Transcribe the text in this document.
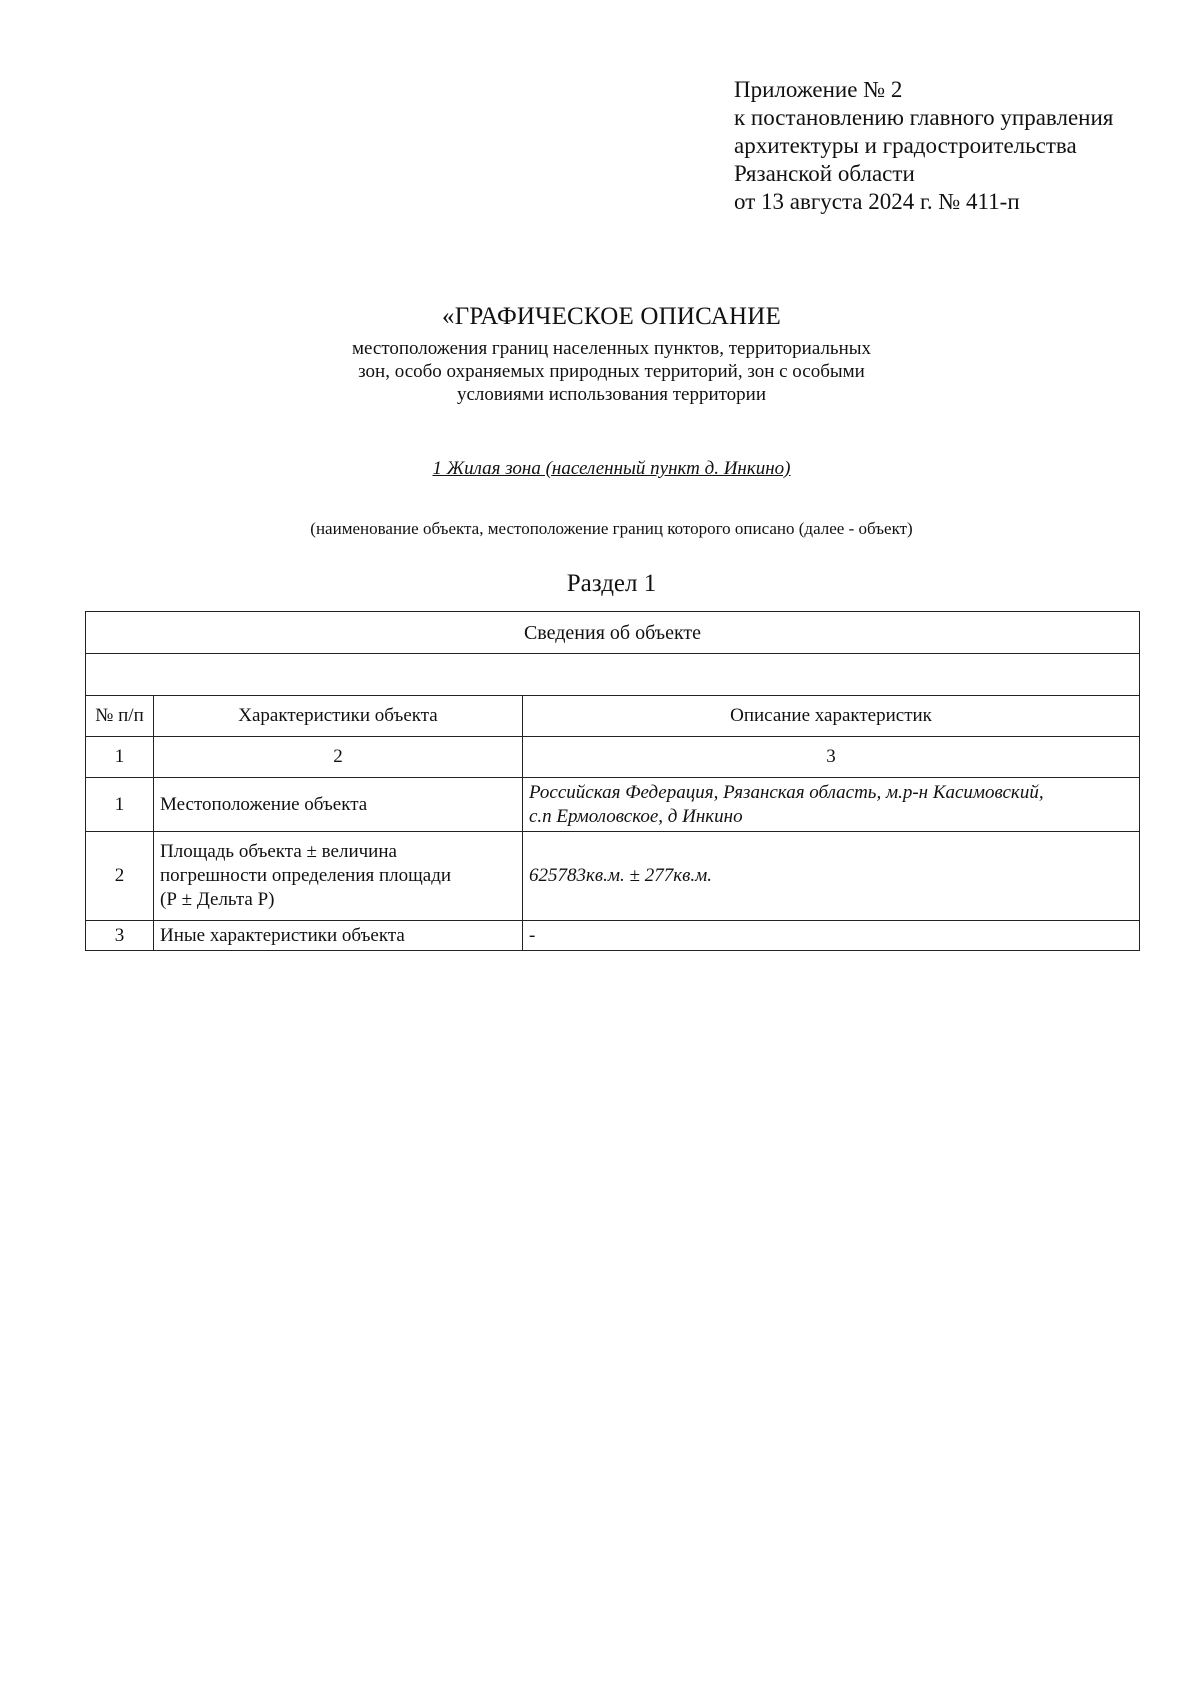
Приложение № 2
к постановлению главного управления
архитектуры и градостроительства
Рязанской области
от 13 августа 2024 г. № 411-п
«ГРАФИЧЕСКОЕ ОПИСАНИЕ
местоположения границ населенных пунктов, территориальных
зон, особо охраняемых природных территорий, зон с особыми
условиями использования территории
1 Жилая зона (населенный пункт д. Инкино)
(наименование объекта, местоположение границ которого описано (далее - объект)
Раздел 1
Сведения об объекте		

№ п/п	Характеристики объекта	Описание характеристик
1	2	3
1	Местоположение объекта	Российская Федерация, Рязанская область, м.р-н Касимовский,
с.п Ермоловское, д Инкино

2	Площадь объекта ± величина
погрешности определения площади
(Р ± Дельта Р)	625783кв.м. ± 277кв.м.
3	Иные характеристики объекта	-
